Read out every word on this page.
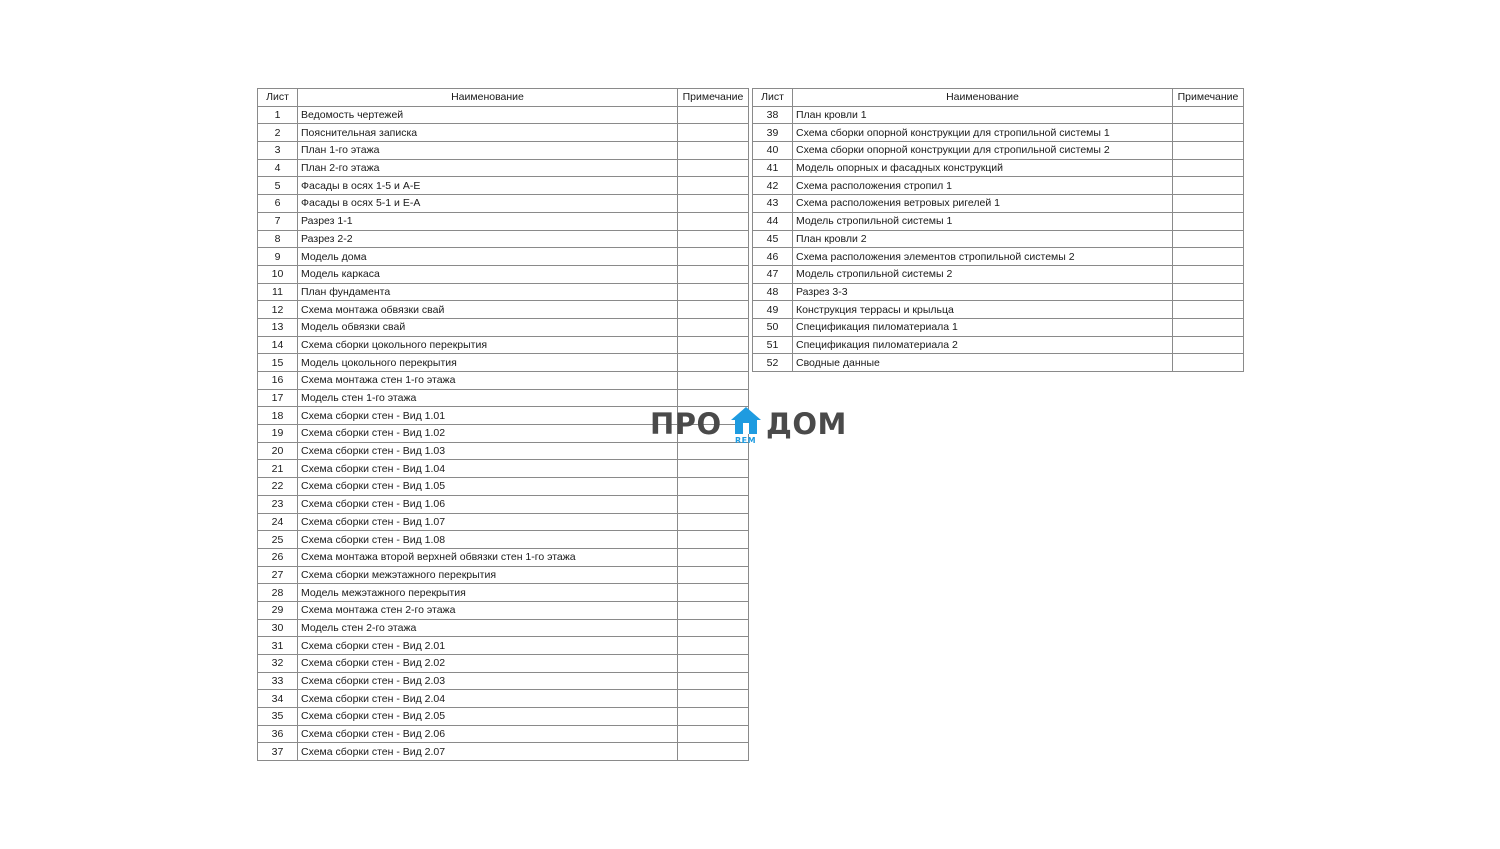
Лист	Наименование	Примечание
1	Ведомость чертежей	
2	Пояснительная записка	
3	План 1-го этажа	
4	План 2-го этажа	
5	Фасады в осях 1-5 и А-Е	
6	Фасады в осях 5-1 и Е-А	
7	Разрез 1-1	
8	Разрез 2-2	
9	Модель дома	
10	Модель каркаса	
11	План фундамента	
12	Схема монтажа обвязки свай	
13	Модель обвязки свай	
14	Схема сборки цокольного перекрытия	
15	Модель цокольного перекрытия	
16	Схема монтажа стен 1-го этажа	
17	Модель стен 1-го этажа	
18	Схема сборки стен - Вид 1.01	
19	Схема сборки стен - Вид 1.02	
20	Схема сборки стен - Вид 1.03	
21	Схема сборки стен - Вид 1.04	
22	Схема сборки стен - Вид 1.05	
23	Схема сборки стен - Вид 1.06	
24	Схема сборки стен - Вид 1.07	
25	Схема сборки стен - Вид 1.08	
26	Схема монтажа второй верхней обвязки стен 1-го этажа	
27	Схема сборки межэтажного перекрытия	
28	Модель межэтажного перекрытия	
29	Схема монтажа стен 2-го этажа	
30	Модель стен 2-го этажа	
31	Схема сборки стен - Вид 2.01	
32	Схема сборки стен - Вид 2.02	
33	Схема сборки стен - Вид 2.03	
34	Схема сборки стен - Вид 2.04	
35	Схема сборки стен - Вид 2.05	
36	Схема сборки стен - Вид 2.06	
37	Схема сборки стен - Вид 2.07	
Лист	Наименование	Примечание
38	План кровли 1	
39	Схема сборки опорной конструкции для стропильной системы 1	
40	Схема сборки опорной конструкции для стропильной системы 2	
41	Модель опорных и фасадных конструкций	
42	Схема расположения стропил 1	
43	Схема расположения ветровых ригелей 1	
44	Модель стропильной системы 1	
45	План кровли 2	
46	Схема расположения элементов стропильной системы 2	
47	Модель стропильной системы 2	
48	Разрез 3-3	
49	Конструкция террасы и крыльца	
50	Спецификация пиломатериала 1	
51	Спецификация пиломатериала 2	
52	Сводные данные	
ПРО REM ДОМ
